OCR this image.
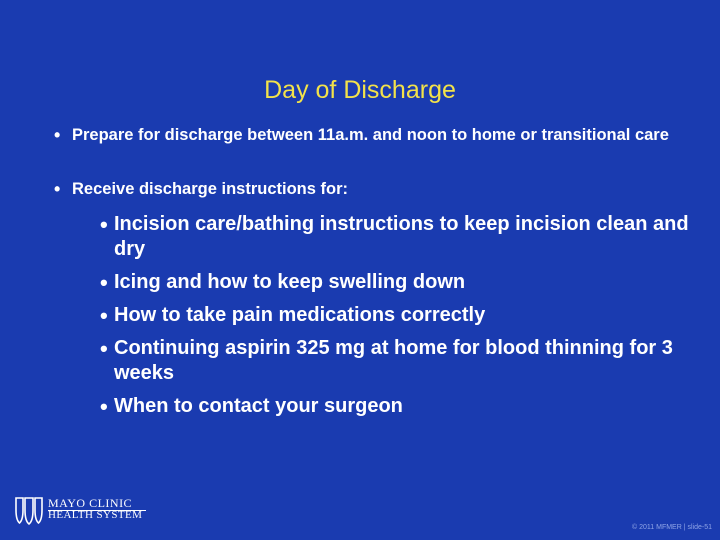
Day of Discharge
• Prepare for discharge between 11a.m. and noon to home or transitional care
• Receive discharge instructions for:
• Incision care/bathing instructions to keep incision clean and dry
• Icing and how to keep swelling down
• How to take pain medications correctly
• Continuing aspirin 325 mg at home for blood thinning for 3 weeks
• When to contact your surgeon
MAYO CLINIC
HEALTH SYSTEM
© 2011 MFMER | slide-51
